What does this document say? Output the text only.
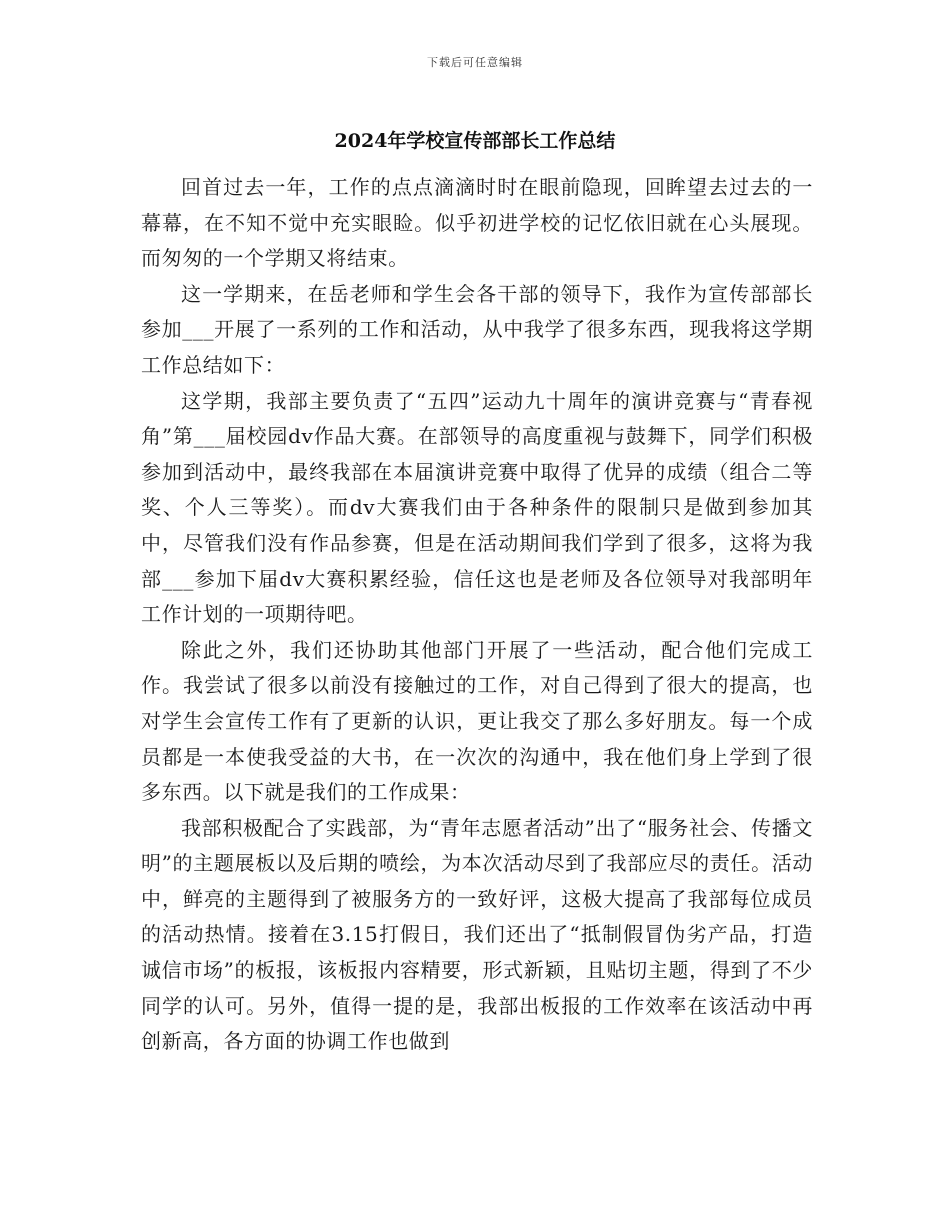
下载后可任意编辑
2024年学校宣传部部长工作总结

回首过去一年，工作的点点滴滴时时在眼前隐现，回眸望去过去的一幕幕，在不知不觉中充实眼睑。似乎初进学校的记忆依旧就在心头展现。而匆匆的一个学期又将结束。

这一学期来，在岳老师和学生会各干部的领导下，我作为宣传部部长参加___开展了一系列的工作和活动，从中我学了很多东西，现我将这学期工作总结如下：

这学期，我部主要负责了“五四”运动九十周年的演讲竞赛与“青春视角”第___届校园dv作品大赛。在部领导的高度重视与鼓舞下，同学们积极参加到活动中，最终我部在本届演讲竞赛中取得了优异的成绩（组合二等奖、个人三等奖）。而dv大赛我们由于各种条件的限制只是做到参加其中，尽管我们没有作品参赛，但是在活动期间我们学到了很多，这将为我部___参加下届dv大赛积累经验，信任这也是老师及各位领导对我部明年工作计划的一项期待吧。

除此之外，我们还协助其他部门开展了一些活动，配合他们完成工作。我尝试了很多以前没有接触过的工作，对自己得到了很大的提高，也对学生会宣传工作有了更新的认识，更让我交了那么多好朋友。每一个成员都是一本使我受益的大书，在一次次的沟通中，我在他们身上学到了很多东西。以下就是我们的工作成果：

我部积极配合了实践部，为“青年志愿者活动”出了“服务社会、传播文明”的主题展板以及后期的喷绘，为本次活动尽到了我部应尽的责任。活动中，鲜亮的主题得到了被服务方的一致好评，这极大提高了我部每位成员的活动热情。接着在3.15打假日，我们还出了“抵制假冒伪劣产品，打造诚信市场”的板报，该板报内容精要，形式新颖，且贴切主题，得到了不少同学的认可。另外，值得一提的是，我部出板报的工作效率在该活动中再创新高，各方面的协调工作也做到
